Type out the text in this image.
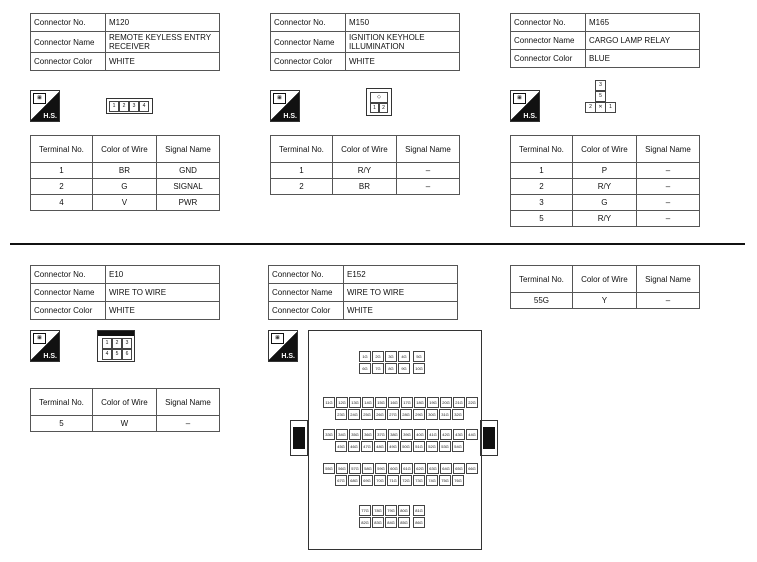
Connector No.	M120
Connector Name	REMOTE KEYLESS ENTRY RECEIVER
Connector Color	WHITE
⊞
H.S.
1	2	3	4
Terminal No.	Color of Wire	Signal Name
1	BR	GND
2	G	SIGNAL
4	V	PWR
Connector No.	M150
Connector Name	IGNITION KEYHOLE ILLUMINATION
Connector Color	WHITE
⊞
H.S.
◇
1	2
Terminal No.	Color of Wire	Signal Name
1	R/Y	–
2	BR	–
Connector No.	M165
Connector Name	CARGO LAMP RELAY
Connector Color	BLUE
⊞
H.S.
3
5
2	✕	1
Terminal No.	Color of Wire	Signal Name
1	P	–
2	R/Y	–
3	G	–
5	R/Y	–
Connector No.	E10
Connector Name	WIRE TO WIRE
Connector Color	WHITE
⊞
H.S.
1	2	3
4	5	6
Terminal No.	Color of Wire	Signal Name
5	W	–
Connector No.	E152
Connector Name	WIRE TO WIRE
Connector Color	WHITE
⊞
H.S.
Terminal No.	Color of Wire	Signal Name
55G	Y	–
1G	2G	3G	4G	5G
6G	7G	8G	9G	10G
11G	12G	13G	14G	15G	16G	17G	18G	19G	20G	21G	22G
23G	24G	25G	26G	27G	28G	29G	30G	31G	32G
33G	34G	35G	36G	37G	38G	39G	40G	41G	42G	43G	44G
45G	46G	47G	48G	49G	50G	51G	52G	53G	54G
55G	56G	57G	58G	59G	60G	61G	62G	63G	64G	65G	66G
67G	68G	69G	70G	71G	72G	73G	74G	75G	76G
77G	78G	79G	80G	81G
82G	83G	84G	85G	86G
